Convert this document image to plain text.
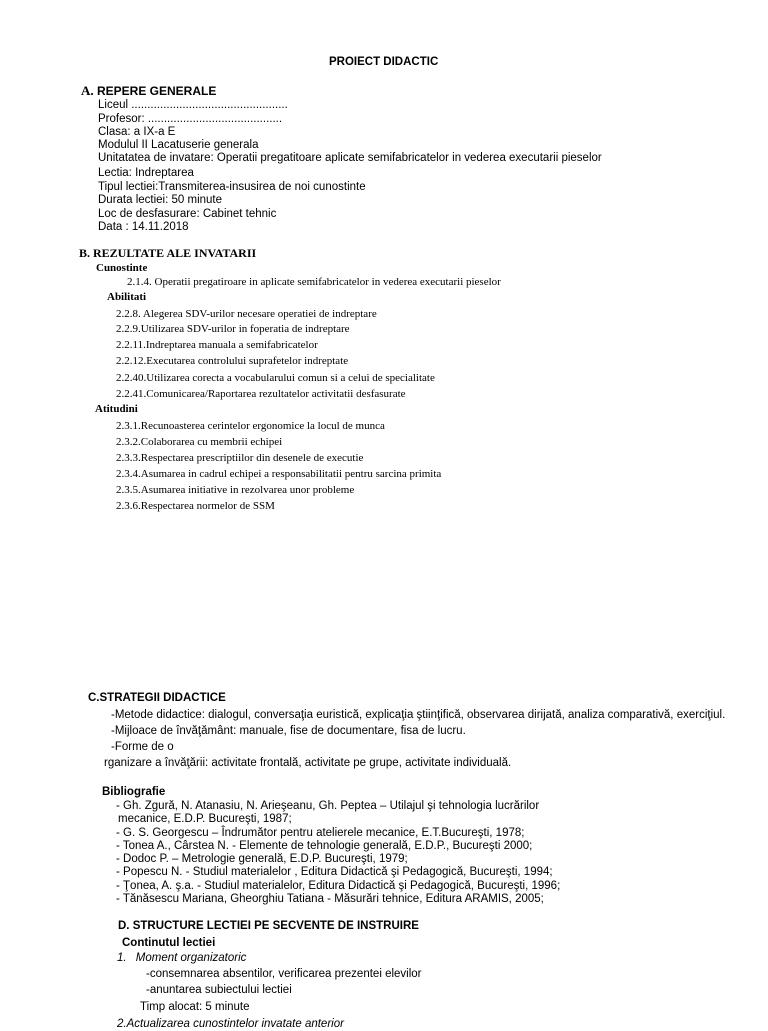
PROIECT DIDACTIC
A. REPERE GENERALE
Liceul .................................................
Profesor: ..........................................
Clasa: a IX-a E
Modulul II Lacatuserie generala
Unitatatea de invatare: Operatii pregatitoare aplicate semifabricatelor in vederea executarii pieselor
Lectia: Indreptarea
Tipul lectiei:Transmiterea-insusirea de noi cunostinte
Durata lectiei: 50 minute
Loc de desfasurare: Cabinet tehnic
Data : 14.11.2018
B. REZULTATE ALE INVATARII
Cunostinte
2.1.4. Operatii pregatiroare in aplicate semifabricatelor in vederea executarii pieselor
Abilitati
2.2.8. Alegerea SDV-urilor necesare operatiei de indreptare
2.2.9.Utilizarea SDV-urilor in foperatia de indreptare
2.2.11.Indreptarea manuala a semifabricatelor
2.2.12.Executarea controlului suprafetelor indreptate
2.2.40.Utilizarea corecta a vocabularului comun si a celui de specialitate
2.2.41.Comunicarea/Raportarea rezultatelor activitatii desfasurate
Atitudini
2.3.1.Recunoasterea cerintelor ergonomice la locul de munca
2.3.2.Colaborarea cu membrii echipei
2.3.3.Respectarea prescriptiilor din desenele de executie
2.3.4.Asumarea in cadrul echipei a responsabilitatii pentru sarcina primita
2.3.5.Asumarea initiative in rezolvarea unor probleme
2.3.6.Respectarea normelor de SSM
C.STRATEGII DIDACTICE
-Metode didactice: dialogul, conversaţia euristică, explicaţia ştiinţifică, observarea dirijată, analiza comparativă, exerciţiul.
-Mijloace de învăţământ: manuale, fise de documentare, fisa de lucru.
-Forme de o
rganizare a învăţării: activitate frontală, activitate pe grupe, activitate individuală.
Bibliografie
- Gh. Zgură, N. Atanasiu, N. Arieşeanu, Gh. Peptea – Utilajul şi tehnologia lucrărilor
mecanice, E.D.P. Bucureşti, 1987;
- G. S. Georgescu – Îndrumător pentru atelierele mecanice, E.T.Bucureşti, 1978;
- Tonea A., Cârstea N. - Elemente de tehnologie generală, E.D.P., Bucureşti 2000;
- Dodoc P. – Metrologie generală, E.D.P. Bucureşti, 1979;
- Popescu N. - Studiul materialelor , Editura Didactică şi Pedagogică, Bucureşti, 1994;
- Ţonea, A. ş.a. - Studiul materialelor, Editura Didactică şi Pedagogică, Bucureşti, 1996;
- Tănăsescu Mariana, Gheorghiu Tatiana - Măsurări tehnice, Editura ARAMIS, 2005;
D. STRUCTURE LECTIEI PE SECVENTE DE INSTRUIRE
Continutul lectiei
1. Moment organizatoric
-consemnarea absentilor, verificarea prezentei elevilor
-anuntarea subiectului lectiei
Timp alocat: 5 minute
2.Actualizarea cunostintelor invatate anterior
